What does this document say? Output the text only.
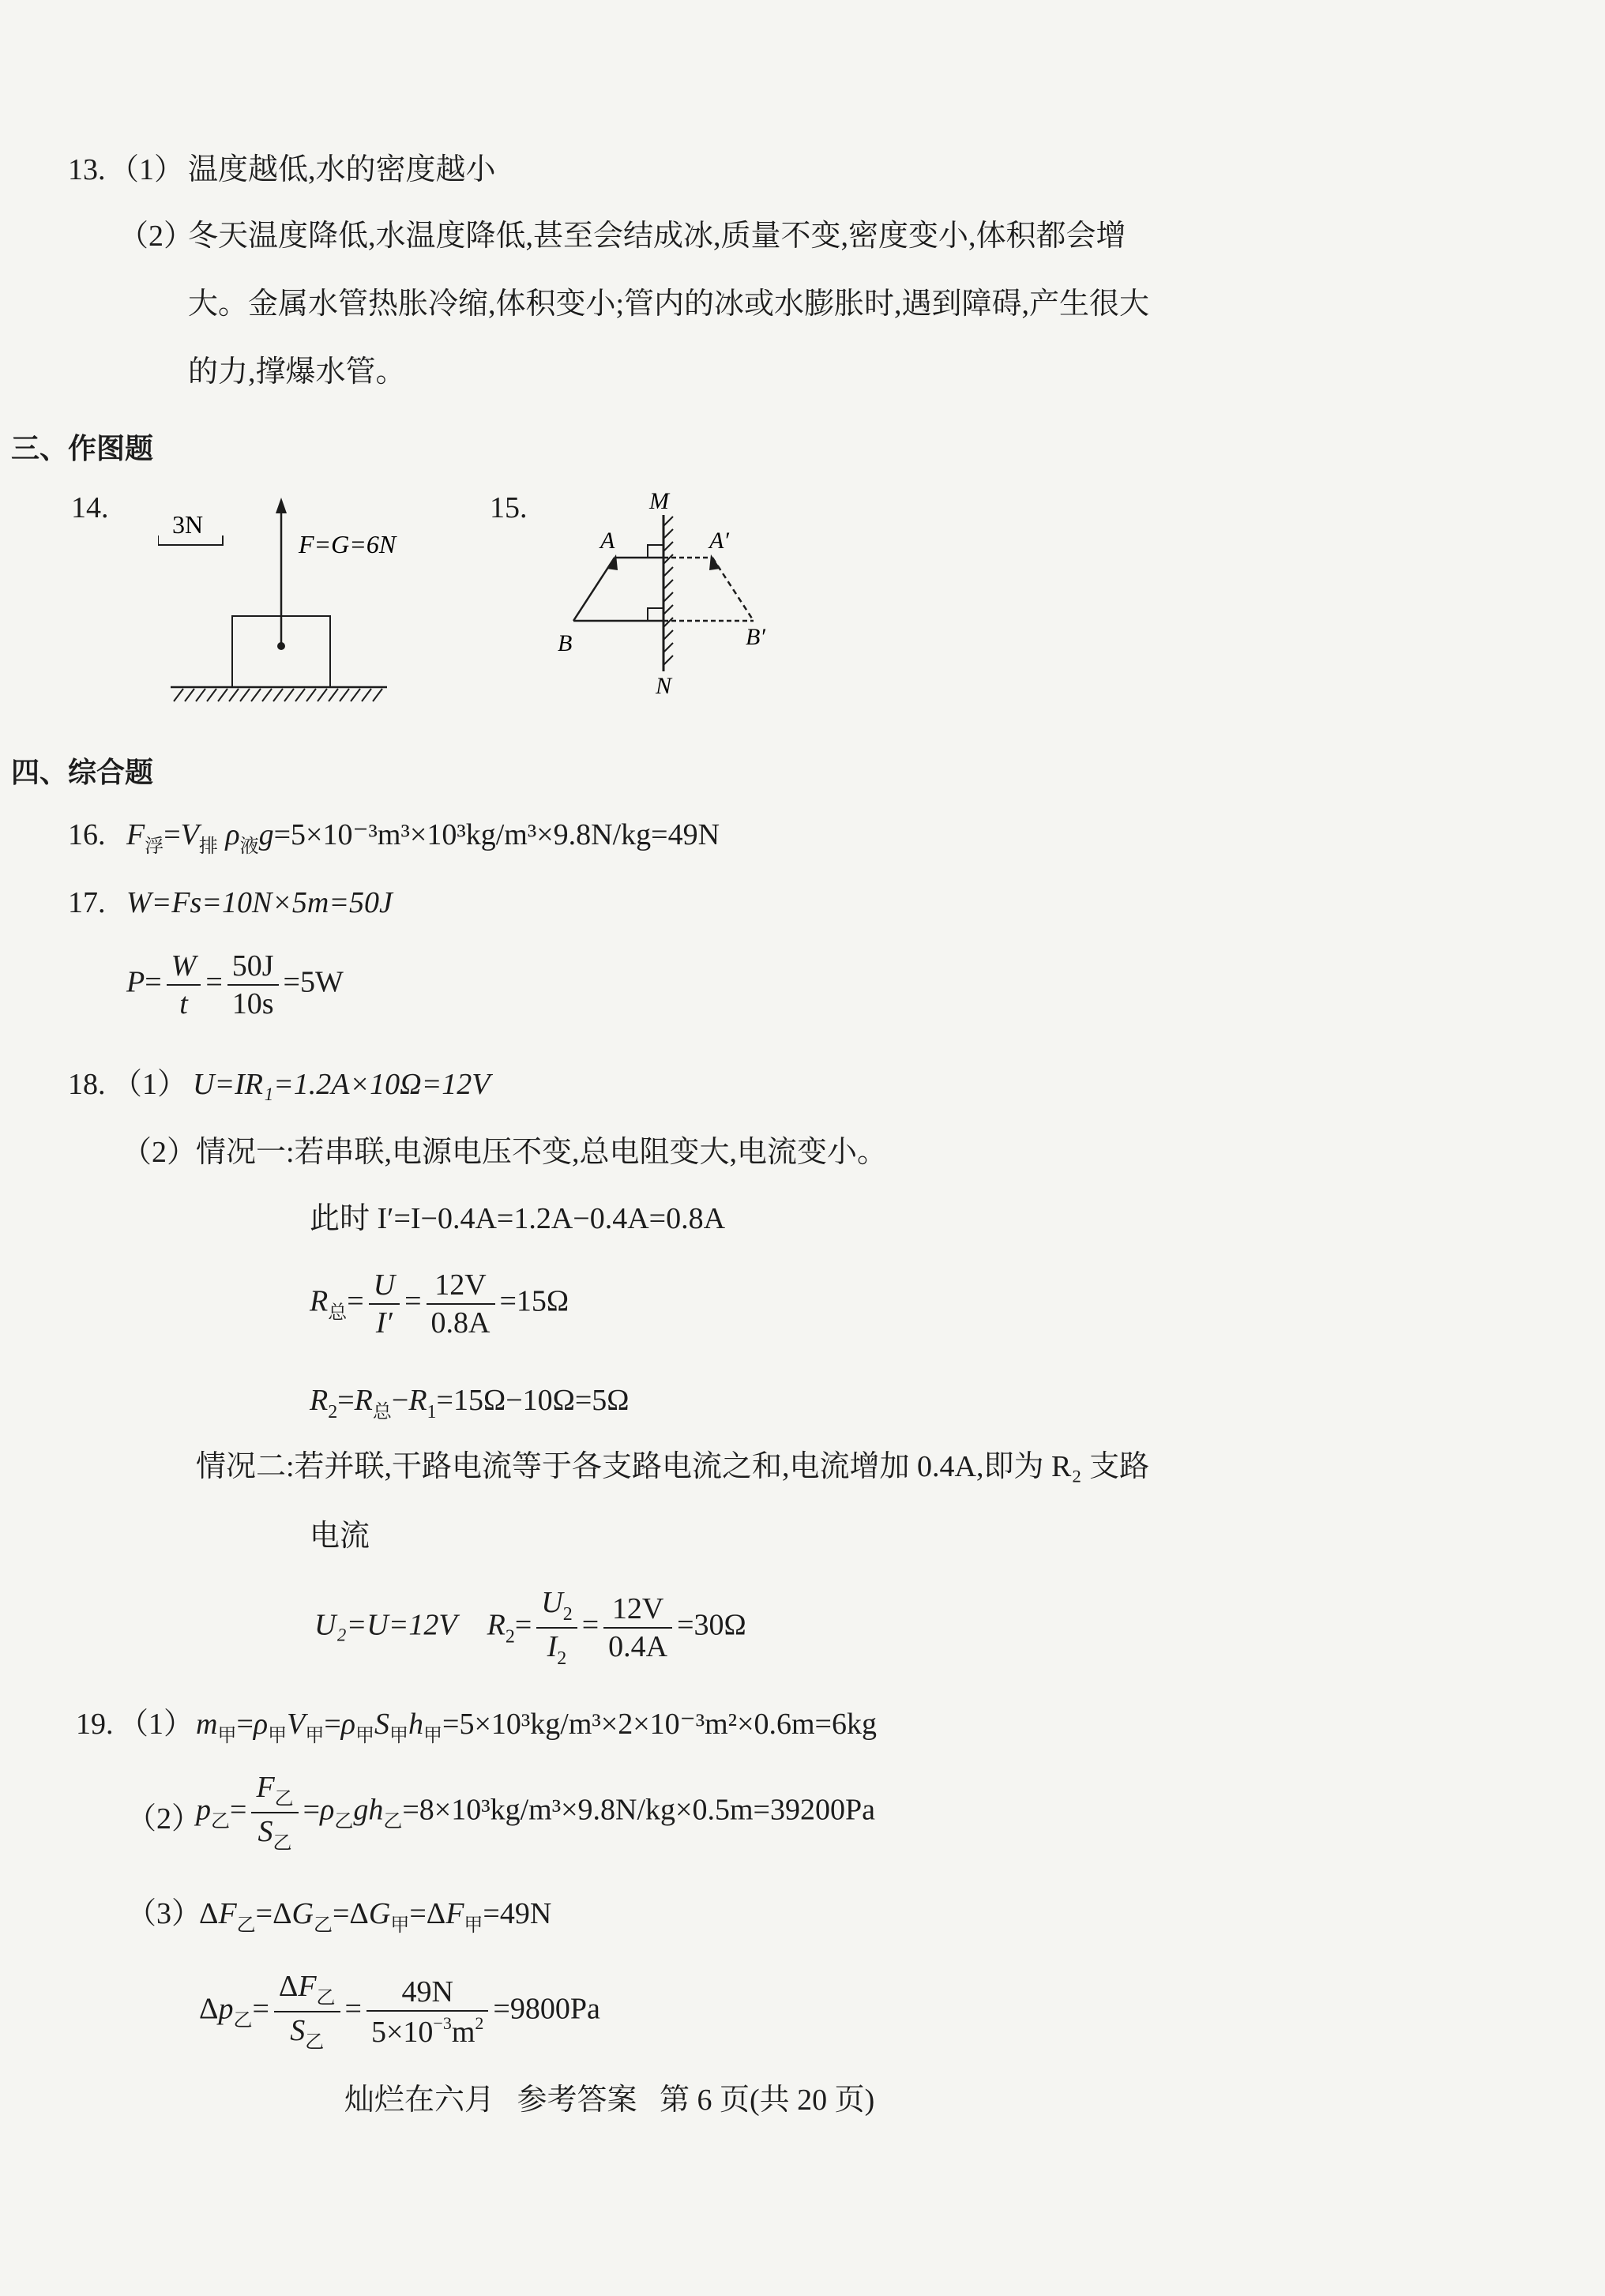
13. （1） 温度越低,水的密度越小
（2）
冬天温度降低,水温度降低,甚至会结成冰,质量不变,密度变小,体积都会增
大。金属水管热胀冷缩,体积变小;管内的冰或水膨胀时,遇到障碍,产生很大
的力,撑爆水管。
三、作图题
14.	3N
F=G=6N
15.	M
N
A	A′
B	B′
四、综合题
16. $F_浮=V_排$ $\rho_液g=5\times 10^{-3}m^3\times 10^3kg/m^3\times 9.8N/kg=49N$
17. W=Fs=10N×5m=50J
$P= \frac{W}{t} = \frac{50J}{10s} =5W$
18. （1） U=IR₁=1.2A×10Ω=12V
（2）
情况一:若串联,电源电压不变,总电阻变大,电流变小。
此时 I′=I−0.4A=1.2A−0.4A=0.8A
$R_总= \frac{U}{I'} = \frac{12V}{0.8A} =15\Omega$
$R_2=R_总-R_1=15\Omega-10\Omega=5\Omega$
情况二:若并联,干路电流等于各支路电流之和,电流增加 0.4A,即为 R₂ 支路
电流
U₂=U=12V $R_2= \frac{U_2}{I_2} = \frac{12V}{0.4A} =30\Omega$
19. （1） $m_甲=\rho_甲V_甲=\rho_甲S_甲h_甲=5\times 10^3kg/m^3\times 2\times 10^{-3}m^2\times 0.6m=6kg$
（2）
$p_乙= \frac{F_乙}{S_乙} =\rho_乙gh_乙=8\times 10^3kg/m^3\times 9.8N/kg\times 0.5m=39200Pa$
（3）
$\Delta F_乙=\Delta G_乙=\Delta G_甲=\Delta F_甲=49N$
$\Delta p_乙= \frac{\Delta F_乙}{S_乙} = \frac{49N}{5\times 10^{-3}m^2} =9800Pa$
灿烂在六月   参考答案   第 6 页(共 20 页)
